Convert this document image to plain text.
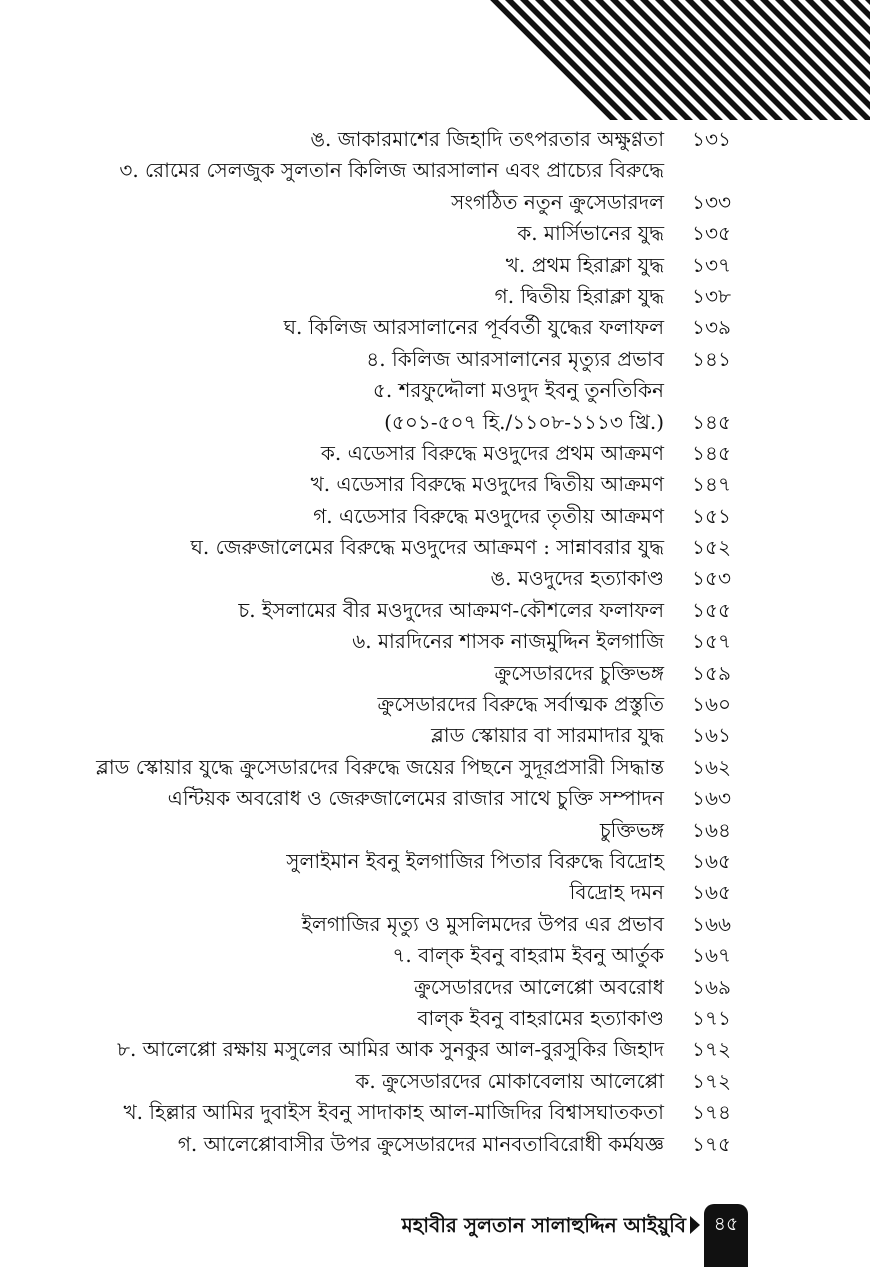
ঙ. জাকারমাশের জিহাদি তৎপরতার অক্ষুণ্ণতা ১৩১
৩. রোমের সেলজুক সুলতান কিলিজ আরসালান এবং প্রাচ্যের বিরুদ্ধে
সংগঠিত নতুন ক্রুসেডারদল ১৩৩
ক. মার্সিভানের যুদ্ধ ১৩৫
খ. প্রথম হিরাক্লা যুদ্ধ ১৩৭
গ. দ্বিতীয় হিরাক্লা যুদ্ধ ১৩৮
ঘ. কিলিজ আরসালানের পূর্ববর্তী যুদ্ধের ফলাফল ১৩৯
৪. কিলিজ আরসালানের মৃত্যুর প্রভাব ১৪১
৫. শরফুদ্দৌলা মওদুদ ইবনু তুনতিকিন
(৫০১-৫০৭ হি./১১০৮-১১১৩ খ্রি.) ১৪৫
ক. এডেসার বিরুদ্ধে মওদুদের প্রথম আক্রমণ ১৪৫
খ. এডেসার বিরুদ্ধে মওদুদের দ্বিতীয় আক্রমণ ১৪৭
গ. এডেসার বিরুদ্ধে মওদুদের তৃতীয় আক্রমণ ১৫১
ঘ. জেরুজালেমের বিরুদ্ধে মওদুদের আক্রমণ : সান্নাবরার যুদ্ধ ১৫২
ঙ. মওদুদের হত্যাকাণ্ড ১৫৩
চ. ইসলামের বীর মওদুদের আক্রমণ-কৌশলের ফলাফল ১৫৫
৬. মারদিনের শাসক নাজমুদ্দিন ইলগাজি ১৫৭
ক্রুসেডারদের চুক্তিভঙ্গ ১৫৯
ক্রুসেডারদের বিরুদ্ধে সর্বাত্মক প্রস্তুতি ১৬০
ব্লাড স্কোয়ার বা সারমাদার যুদ্ধ ১৬১
ব্লাড স্কোয়ার যুদ্ধে ক্রুসেডারদের বিরুদ্ধে জয়ের পিছনে সুদূরপ্রসারী সিদ্ধান্ত ১৬২
এন্টিয়ক অবরোধ ও জেরুজালেমের রাজার সাথে চুক্তি সম্পাদন ১৬৩
চুক্তিভঙ্গ ১৬৪
সুলাইমান ইবনু ইলগাজির পিতার বিরুদ্ধে বিদ্রোহ ১৬৫
বিদ্রোহ দমন ১৬৫
ইলগাজির মৃত্যু ও মুসলিমদের উপর এর প্রভাব ১৬৬
৭. বাল্‌ক ইবনু বাহরাম ইবনু আর্তুক ১৬৭
ক্রুসেডারদের আলেপ্পো অবরোধ ১৬৯
বাল্‌ক ইবনু বাহরামের হত্যাকাণ্ড ১৭১
৮. আলেপ্পো রক্ষায় মসুলের আমির আক সুনকুর আল-বুরসুকির জিহাদ ১৭২
ক. ক্রুসেডারদের মোকাবেলায় আলেপ্পো ১৭২
খ. হিল্লার আমির দুবাইস ইবনু সাদাকাহ আল-মাজিদির বিশ্বাসঘাতকতা ১৭৪
গ. আলেপ্পোবাসীর উপর ক্রুসেডারদের মানবতাবিরোধী কর্মযজ্ঞ ১৭৫
মহাবীর সুলতান সালাহুদ্দিন আইয়ুবি	৪৫
